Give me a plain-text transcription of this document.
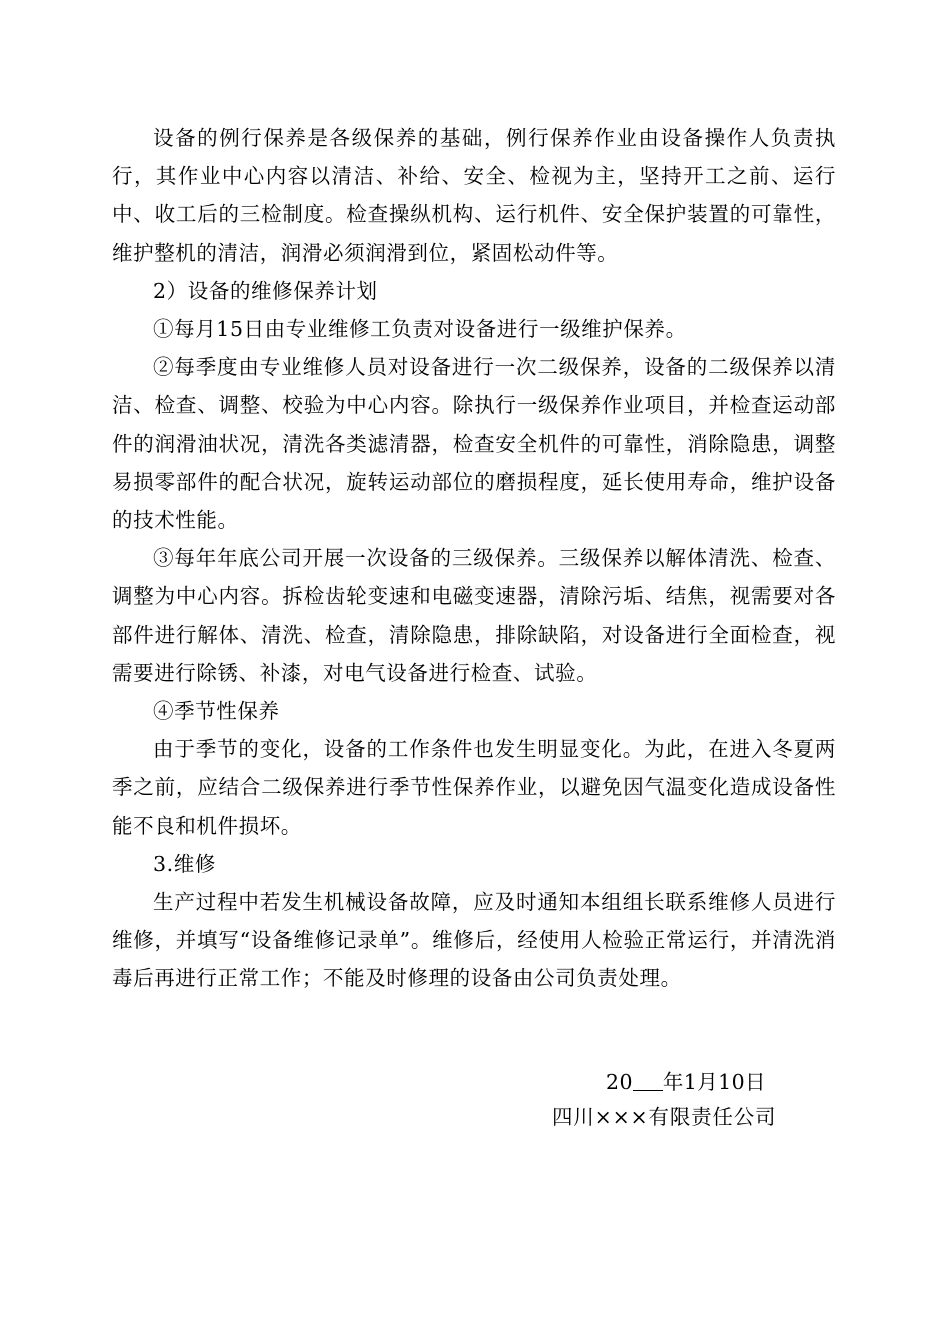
设备的例行保养是各级保养的基础，例行保养作业由设备操作人负责执行，其作业中心内容以清洁、补给、安全、检视为主，坚持开工之前、运行中、收工后的三检制度。检查操纵机构、运行机件、安全保护装置的可靠性，维护整机的清洁，润滑必须润滑到位，紧固松动件等。

2）设备的维修保养计划

①每月15日由专业维修工负责对设备进行一级维护保养。

②每季度由专业维修人员对设备进行一次二级保养，设备的二级保养以清洁、检查、调整、校验为中心内容。除执行一级保养作业项目，并检查运动部件的润滑油状况，清洗各类滤清器，检查安全机件的可靠性，消除隐患，调整易损零部件的配合状况，旋转运动部位的磨损程度，延长使用寿命，维护设备的技术性能。

③每年年底公司开展一次设备的三级保养。三级保养以解体清洗、检查、调整为中心内容。拆检齿轮变速和电磁变速器，清除污垢、结焦，视需要对各部件进行解体、清洗、检查，清除隐患，排除缺陷，对设备进行全面检查，视需要进行除锈、补漆，对电气设备进行检查、试验。

④季节性保养

由于季节的变化，设备的工作条件也发生明显变化。为此，在进入冬夏两季之前，应结合二级保养进行季节性保养作业，以避免因气温变化造成设备性能不良和机件损坏。

3.维修

生产过程中若发生机械设备故障，应及时通知本组组长联系维修人员进行维修，并填写“设备维修记录单”。维修后，经使用人检验正常运行，并清洗消毒后再进行正常工作；不能及时修理的设备由公司负责处理。

20 年1月10日
四川×××有限责任公司
